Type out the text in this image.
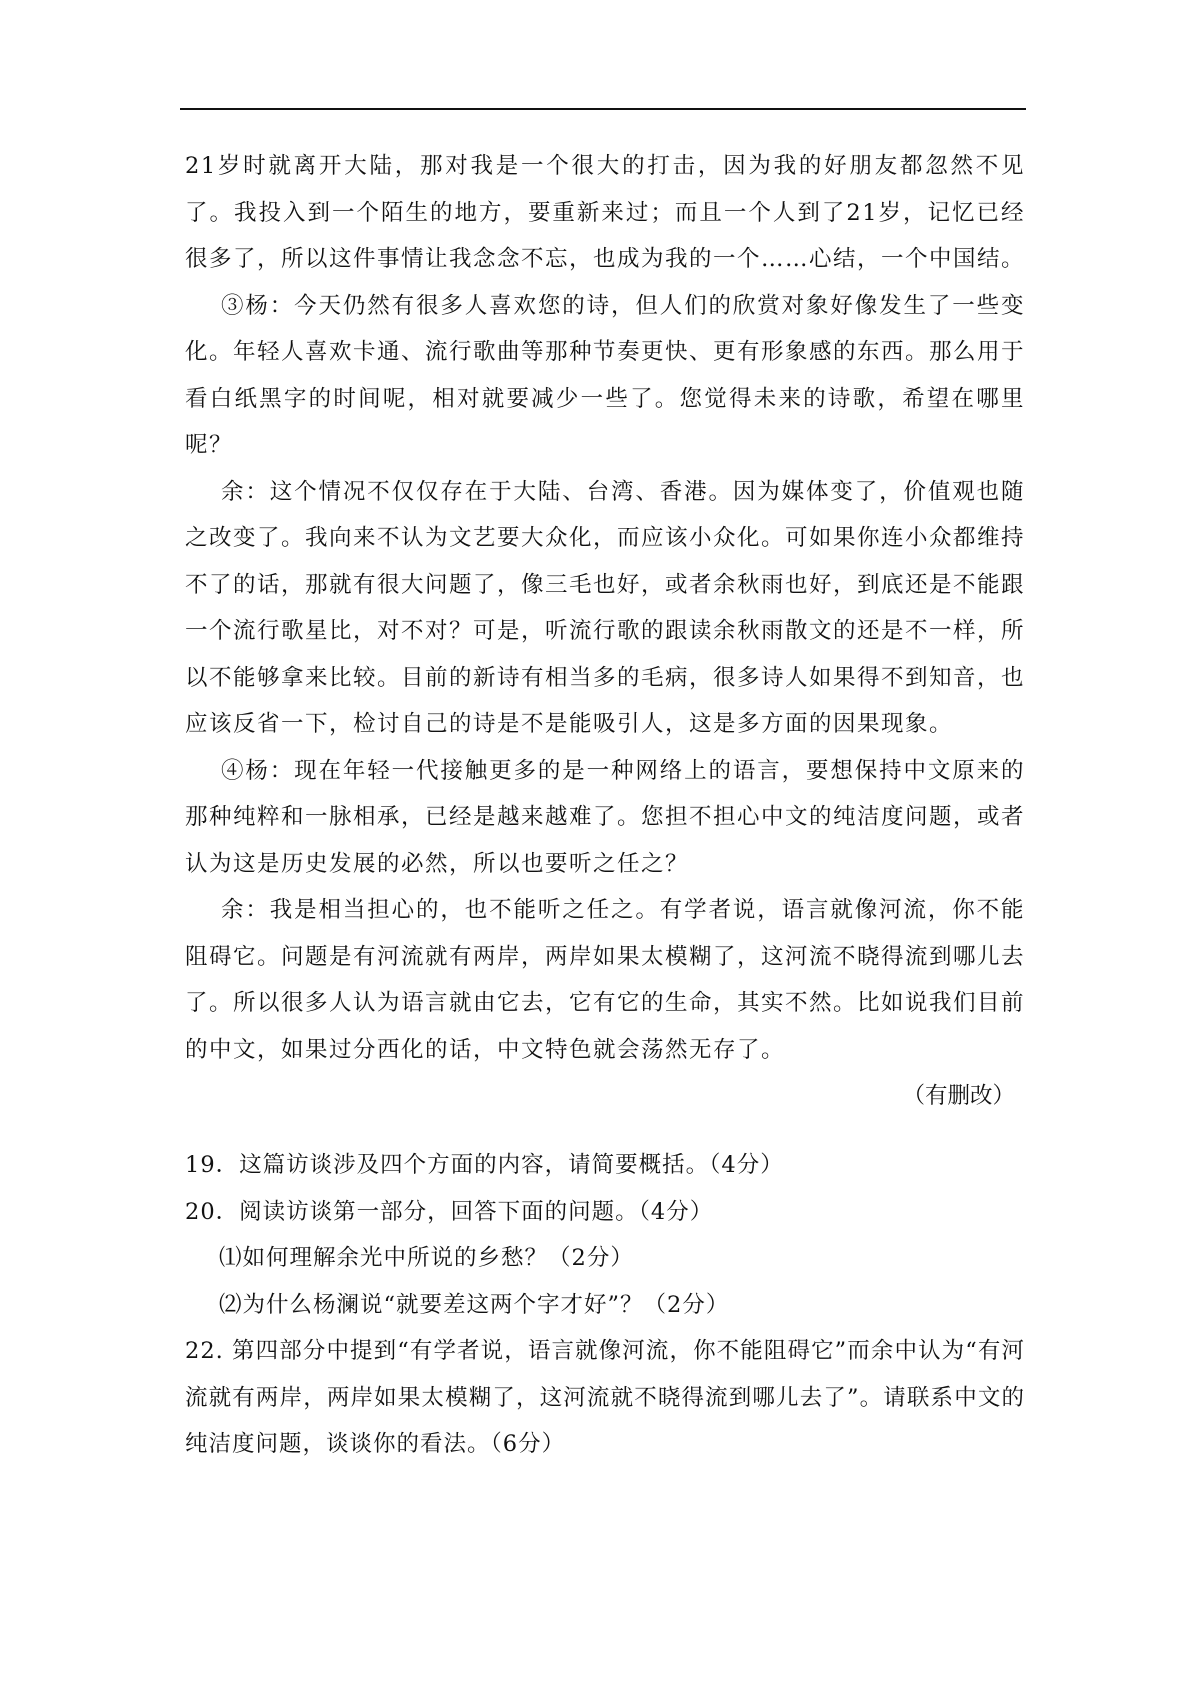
21岁时就离开大陆，那对我是一个很大的打击，因为我的好朋友都忽然不见了。我投入到一个陌生的地方，要重新来过；而且一个人到了21岁，记忆已经很多了，所以这件事情让我念念不忘，也成为我的一个……心结，一个中国结。

③杨：今天仍然有很多人喜欢您的诗，但人们的欣赏对象好像发生了一些变化。年轻人喜欢卡通、流行歌曲等那种节奏更快、更有形象感的东西。那么用于看白纸黑字的时间呢，相对就要减少一些了。您觉得未来的诗歌，希望在哪里呢？

余：这个情况不仅仅存在于大陆、台湾、香港。因为媒体变了，价值观也随之改变了。我向来不认为文艺要大众化，而应该小众化。可如果你连小众都维持不了的话，那就有很大问题了，像三毛也好，或者余秋雨也好，到底还是不能跟一个流行歌星比，对不对？可是，听流行歌的跟读余秋雨散文的还是不一样，所以不能够拿来比较。目前的新诗有相当多的毛病，很多诗人如果得不到知音，也应该反省一下，检讨自己的诗是不是能吸引人，这是多方面的因果现象。

④杨：现在年轻一代接触更多的是一种网络上的语言，要想保持中文原来的那种纯粹和一脉相承，已经是越来越难了。您担不担心中文的纯洁度问题，或者认为这是历史发展的必然，所以也要听之任之？

余：我是相当担心的，也不能听之任之。有学者说，语言就像河流，你不能阻碍它。问题是有河流就有两岸，两岸如果太模糊了，这河流不晓得流到哪儿去了。所以很多人认为语言就由它去，它有它的生命，其实不然。比如说我们目前的中文，如果过分西化的话，中文特色就会荡然无存了。

（有删改）

19．这篇访谈涉及四个方面的内容，请简要概括。（4分）

20．阅读访谈第一部分，回答下面的问题。（4分）

⑴如何理解余光中所说的乡愁？（2分）

⑵为什么杨澜说“就要差这两个字才好”？（2分）

22. 第四部分中提到“有学者说，语言就像河流，你不能阻碍它”而余中认为“有河流就有两岸，两岸如果太模糊了，这河流就不晓得流到哪儿去了”。请联系中文的纯洁度问题，谈谈你的看法。（6分）
